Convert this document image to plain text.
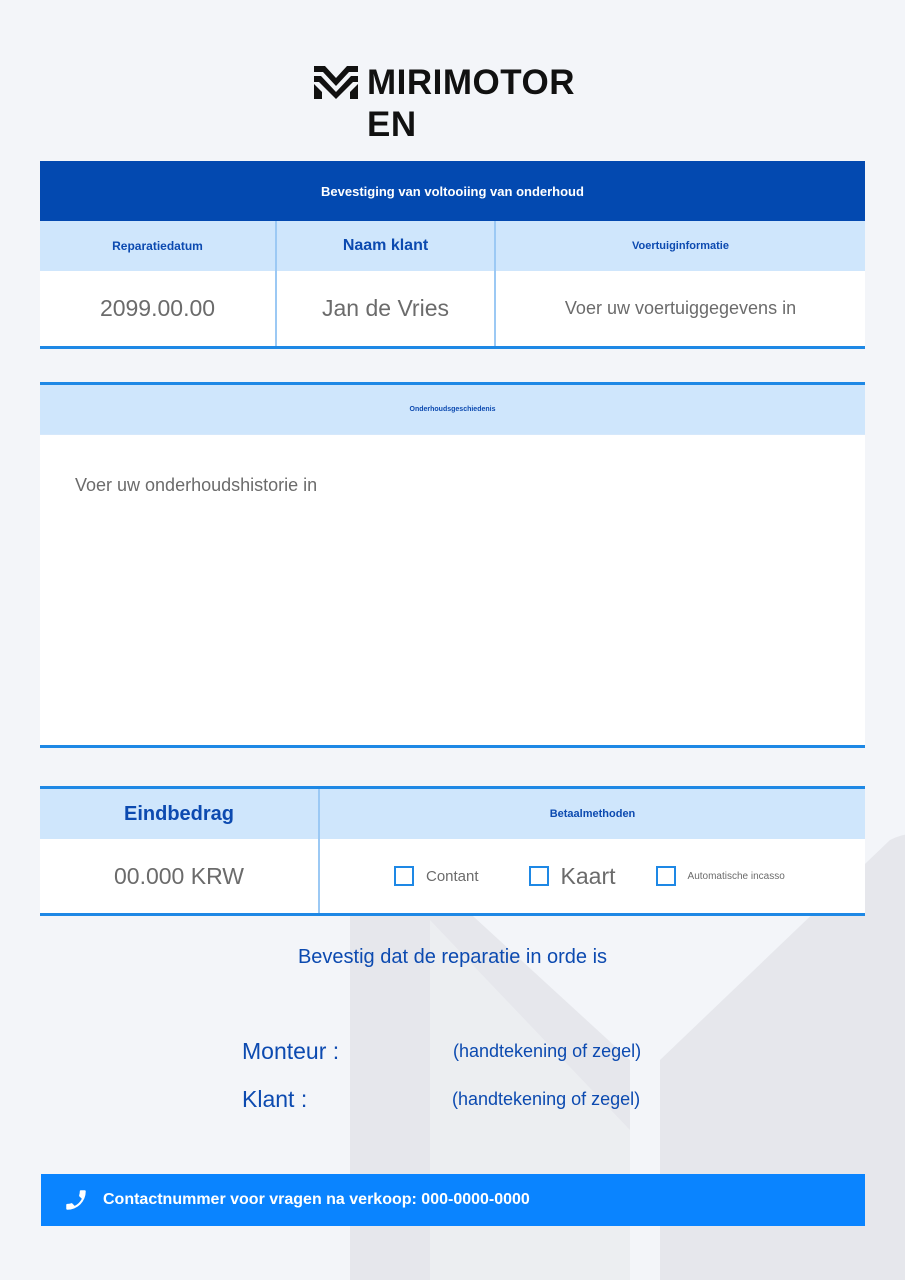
MIRIMOTOREN
Bevestiging van voltooiing van onderhoud
Reparatiedatum	Naam klant	Voertuiginformatie
2099.00.00	Jan de Vries	Voer uw voertuiggegevens in
Onderhoudsgeschiedenis
Voer uw onderhoudshistorie in
Eindbedrag	Betaalmethoden
00.000 KRW	Contant	Kaart	Automatische incasso
Bevestig dat de reparatie in orde is
Monteur :	(handtekening of zegel)
Klant :	(handtekening of zegel)
Contactnummer voor vragen na verkoop: 000-0000-0000
